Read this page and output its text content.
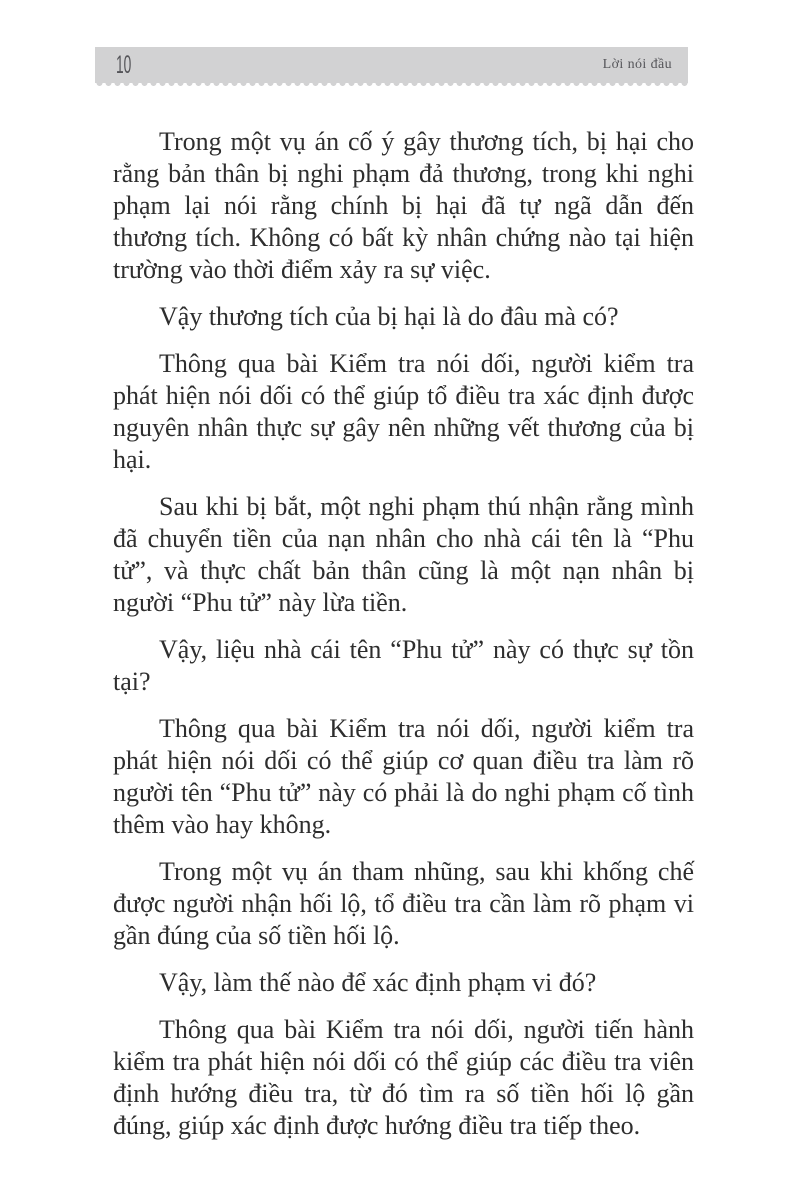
10	Lời nói đầu

Trong một vụ án cố ý gây thương tích, bị hại cho rằng bản thân bị nghi phạm đả thương, trong khi nghi phạm lại nói rằng chính bị hại đã tự ngã dẫn đến thương tích. Không có bất kỳ nhân chứng nào tại hiện trường vào thời điểm xảy ra sự việc.

Vậy thương tích của bị hại là do đâu mà có?

Thông qua bài Kiểm tra nói dối, người kiểm tra phát hiện nói dối có thể giúp tổ điều tra xác định được nguyên nhân thực sự gây nên những vết thương của bị hại.

Sau khi bị bắt, một nghi phạm thú nhận rằng mình đã chuyển tiền của nạn nhân cho nhà cái tên là “Phu tử”, và thực chất bản thân cũng là một nạn nhân bị người “Phu tử” này lừa tiền.

Vậy, liệu nhà cái tên “Phu tử” này có thực sự tồn tại?

Thông qua bài Kiểm tra nói dối, người kiểm tra phát hiện nói dối có thể giúp cơ quan điều tra làm rõ người tên “Phu tử” này có phải là do nghi phạm cố tình thêm vào hay không.

Trong một vụ án tham nhũng, sau khi khống chế được người nhận hối lộ, tổ điều tra cần làm rõ phạm vi gần đúng của số tiền hối lộ.

Vậy, làm thế nào để xác định phạm vi đó?

Thông qua bài Kiểm tra nói dối, người tiến hành kiểm tra phát hiện nói dối có thể giúp các điều tra viên định hướng điều tra, từ đó tìm ra số tiền hối lộ gần đúng, giúp xác định được hướng điều tra tiếp theo.
